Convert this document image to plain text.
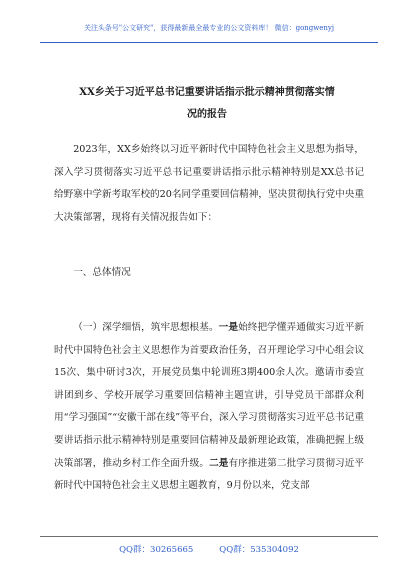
关注头条号"公文研究"，获得最新最全最专业的公文资料库！ 微信：gongwenyj
XX乡关于习近平总书记重要讲话指示批示精神贯彻落实情
况的报告

2023年，XX乡始终以习近平新时代中国特色社会主义思想为指导，深入学习贯彻落实习近平总书记重要讲话指示批示精神特别是XX总书记给野寨中学新考取军校的20名同学重要回信精神，坚决贯彻执行党中央重大决策部署，现将有关情况报告如下：

一、总体情况

（一）深学细悟，筑牢思想根基。一是始终把学懂弄通做实习近平新时代中国特色社会主义思想作为首要政治任务，召开理论学习中心组会议15次、集中研讨3次，开展党员集中轮训班3期400余人次。邀请市委宣讲团到乡、学校开展学习重要回信精神主题宣讲，引导党员干部群众利用“学习强国”“安徽干部在线”等平台，深入学习贯彻落实习近平总书记重要讲话指示批示精神特别是重要回信精神及最新理论政策，准确把握上级决策部署，推动乡村工作全面升级。二是有序推进第二批学习贯彻习近平新时代中国特色社会主义思想主题教育，9月份以来，党支部

QQ群：30265665	QQ群：535304092
